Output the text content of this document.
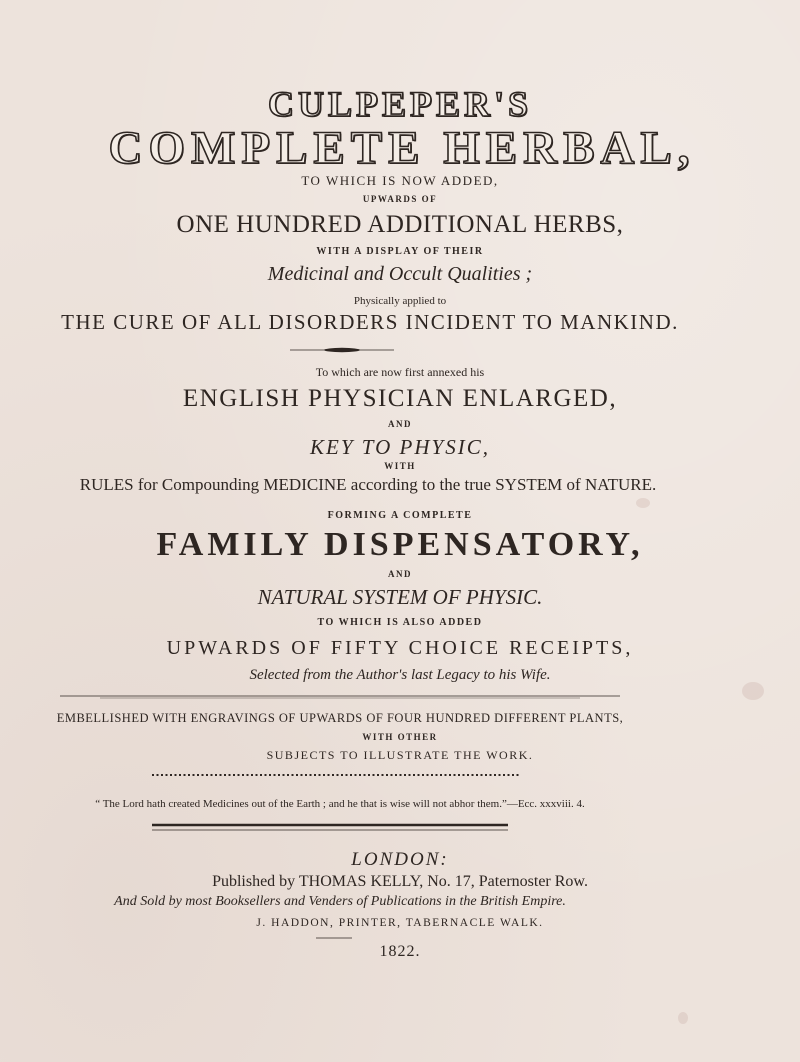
CULPEPER'S
COMPLETE HERBAL,
TO WHICH IS NOW ADDED,
UPWARDS OF
ONE HUNDRED ADDITIONAL HERBS,
WITH A DISPLAY OF THEIR
Medicinal and Occult Qualities ;
Physically applied to
THE CURE OF ALL DISORDERS INCIDENT TO MANKIND.
To which are now first annexed his
ENGLISH PHYSICIAN ENLARGED,
AND
KEY TO PHYSIC,
WITH
RULES for Compounding MEDICINE according to the true SYSTEM of NATURE.
FORMING A COMPLETE
FAMILY DISPENSATORY,
AND
NATURAL SYSTEM OF PHYSIC.
TO WHICH IS ALSO ADDED
UPWARDS OF FIFTY CHOICE RECEIPTS,
Selected from the Author's last Legacy to his Wife.
EMBELLISHED WITH ENGRAVINGS OF UPWARDS OF FOUR HUNDRED DIFFERENT PLANTS,
WITH OTHER
SUBJECTS TO ILLUSTRATE THE WORK.
“ The Lord hath created Medicines out of the Earth ; and he that is wise will not abhor them.”—Ecc. xxxviii. 4.
LONDON:
Published by THOMAS KELLY, No. 17, Paternoster Row.
And Sold by most Booksellers and Venders of Publications in the British Empire.
J. HADDON, PRINTER, TABERNACLE WALK.
1822.
